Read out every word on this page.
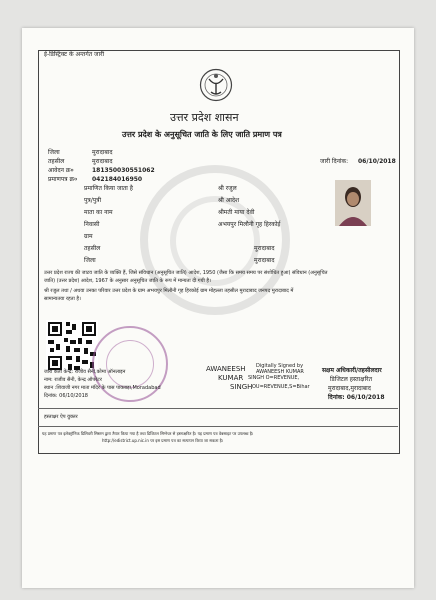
ई-डिस्ट्रिक्ट के अन्तर्गत जारी
उत्तर प्रदेश शासन
उत्तर प्रदेश के अनुसूचित जाति के लिए जाति प्रमाण पत्र
जिला	मुरादाबाद
तहसील	मुरादाबाद
आवेदन क्र०	181350030551062
प्रमाणपत्र क्र० 042184016950
जारी दिनांक: 06/10/2018
प्रमाणित किया जाता है	श्री रजुल
पुत्र/पुत्री	श्री आदेश
माता का नाम	श्रीमती माया देवी
निवासी	अभयपुर मिलौनी गृह हिरकोई
ग्राम
तहसील	मुरादाबाद
जिला	मुरादाबाद
उत्तर प्रदेश राज्य की जाटव जाति के व्यक्ति हैं, जिसे संविधान (अनुसूचित जाति) आदेश, 1950 (जैसा कि समय समय पर संशोधित हुआ) संविधान (अनुसूचित
जाति) (उत्तर प्रदेश) आदेश, 1967 के अनुसार अनुसूचित जाति के रूप में मान्यता दी गयी है।
श्री रजुल तथा / अथवा उनका परिवार उत्तर प्रदेश के ग्राम अभयपुर मिलौनी गृह हिरकोई ग्राम मोहल्ला तहसील मुरादाबाद जनपद मुरादाबाद में
सामान्यतया रहता है।
जारी कर्ता केन्द्र: राजीव सैनी,कोमा ऑनलाइन
नाम: राजीव सैनी, केन्द्र ऑपरेटर
स्थान :शिवाजी नगर माता मंदिर के पास पाकबड़ा,Moradabad
दिनांक: 06/10/2018
AWANEESH
KUMAR
SINGH
Digitally Signed by
AWANEESH KUMAR
SINGH O=REVENUE,
OU=REVENUE,S=Bihar
सक्षम अधिकारी/तहसीलदार
डिजिटल हस्ताक्षरित
मुरादाबाद,मुरादाबाद
दिनांक: 06/10/2018
हस्ताक्षर ऐप युक्तर
यह प्रमाण पत्र इलेक्ट्रॉनिक डिलिवरी सिस्टम द्वारा तैयार किया गया है तथा डिजिटल सिग्नेचर से हस्ताक्षरित है। यह प्रमाण पत्र वेबसाइट पर उपलब्ध है।
http://edistrict.up.nic.in पर इस प्रमाण पत्र का सत्यापन किया जा सकता है।
